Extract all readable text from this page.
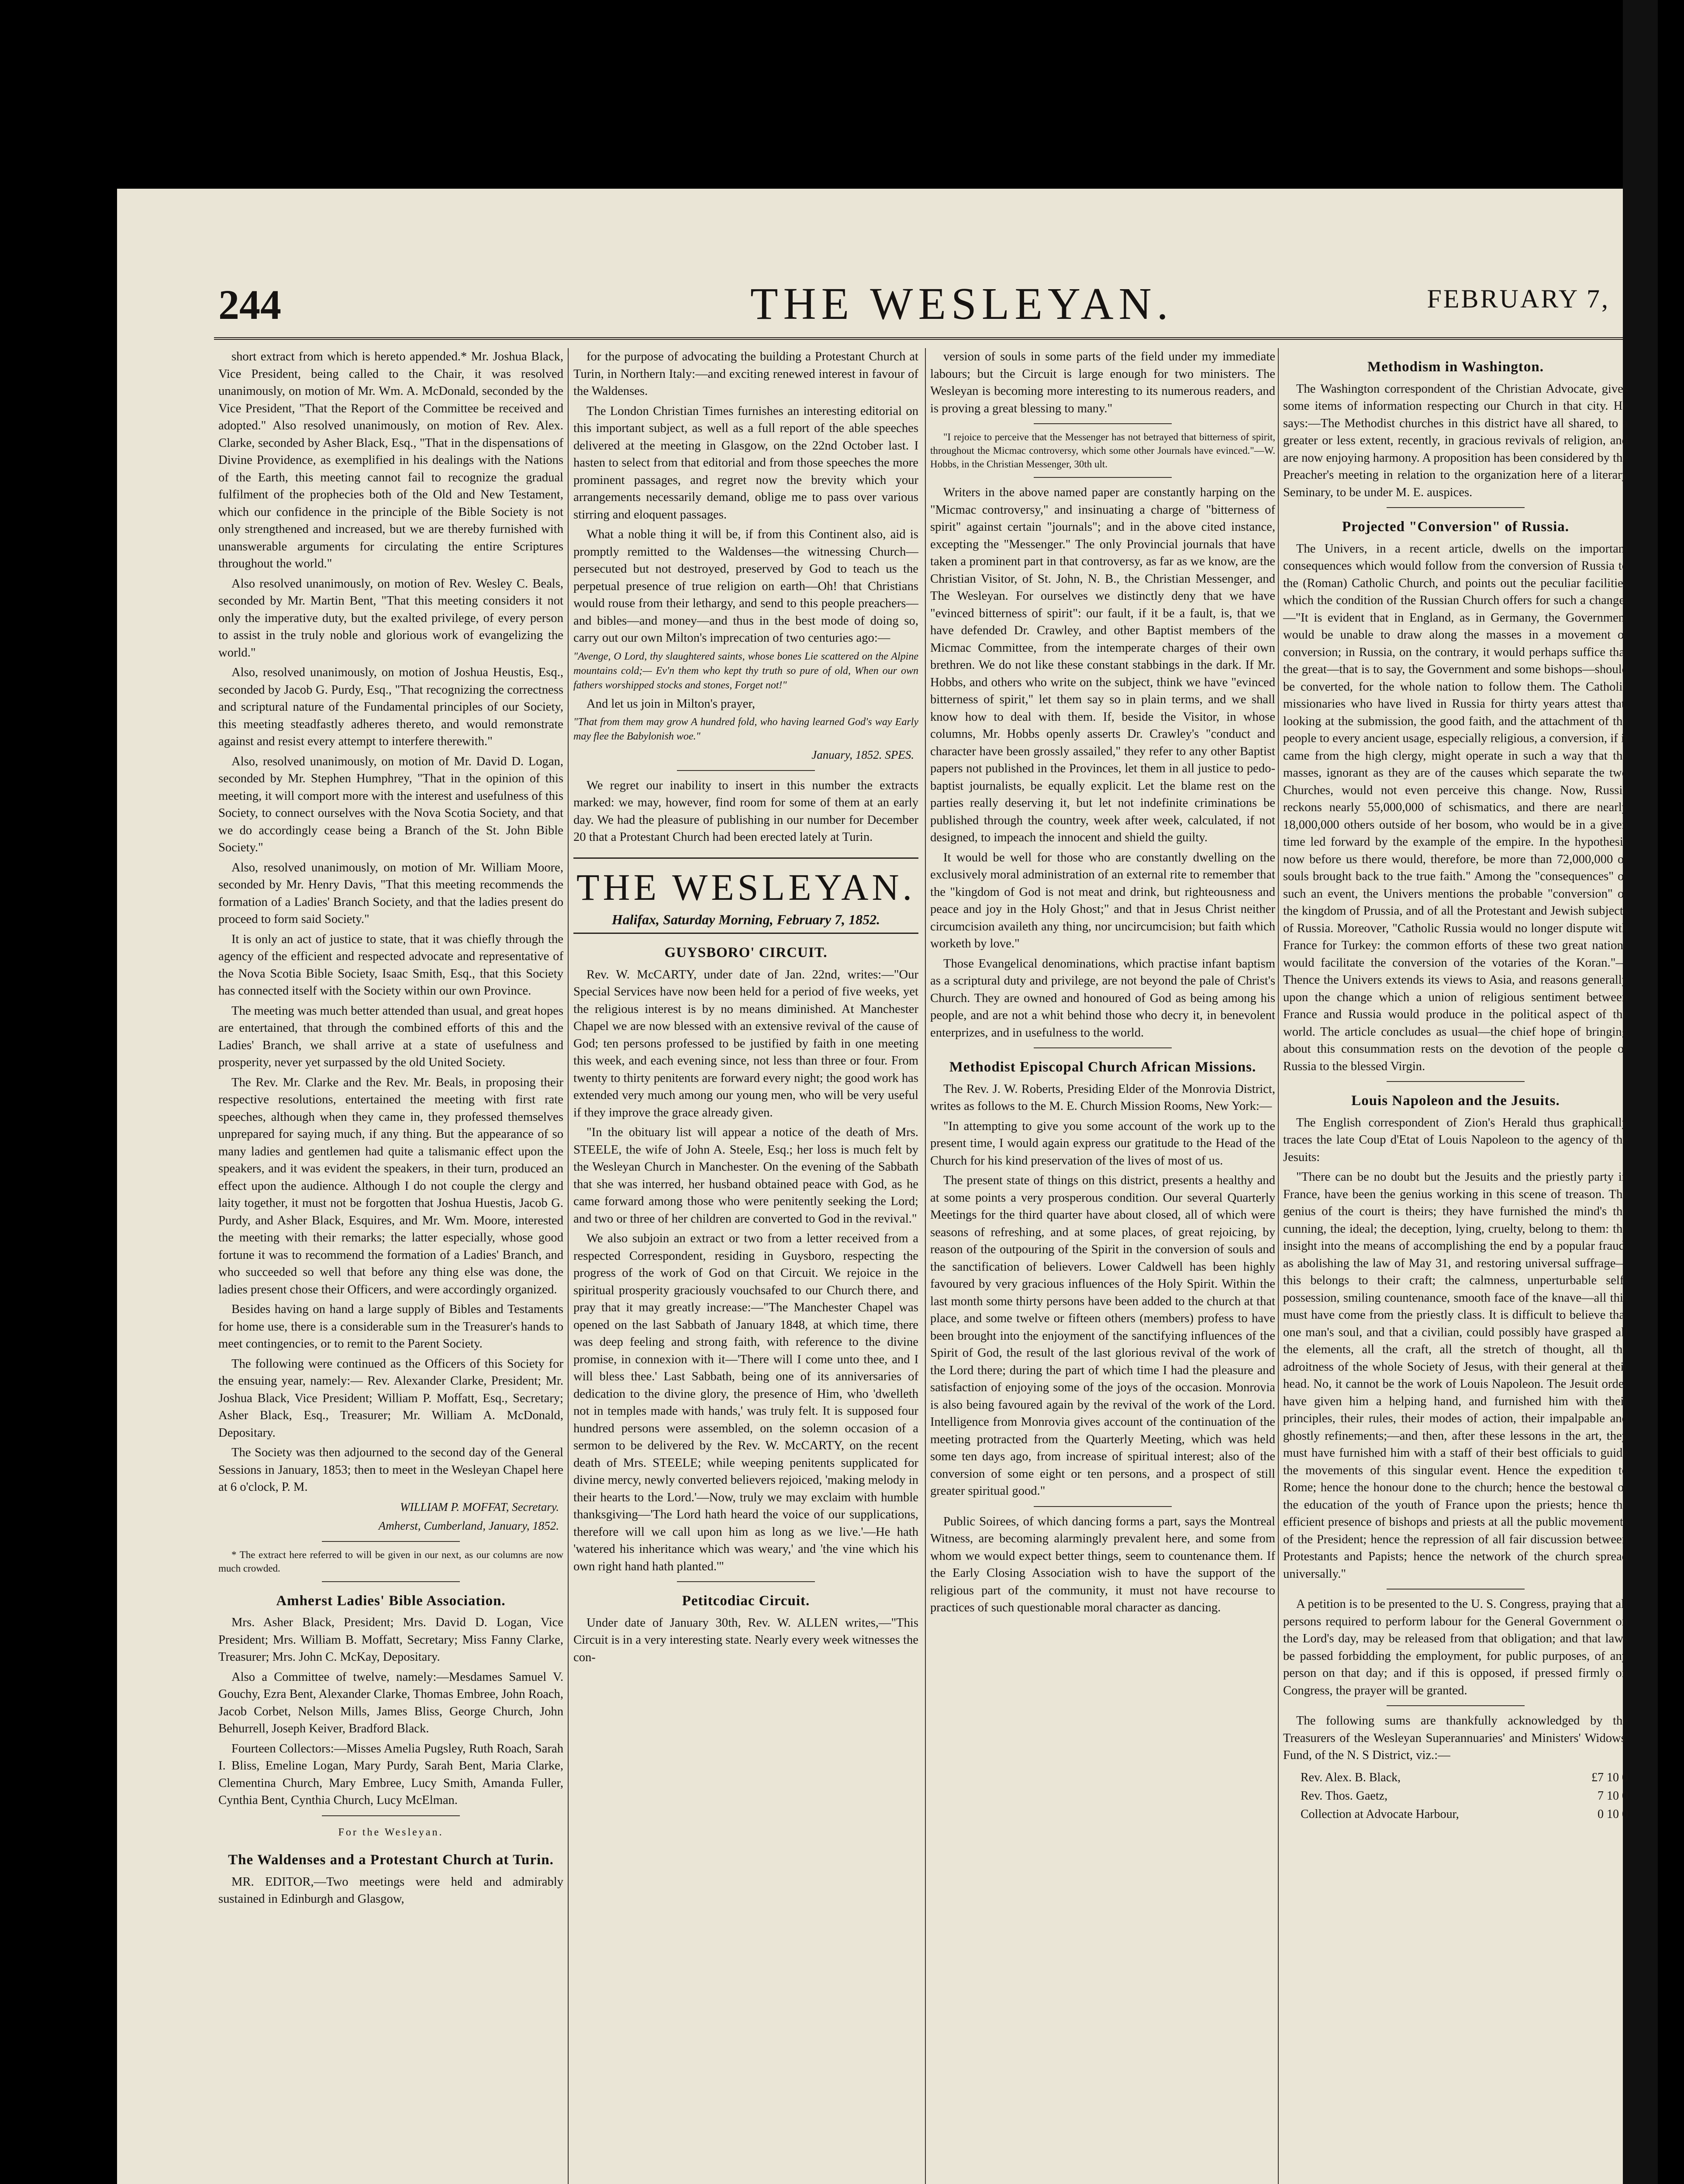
244	THE WESLEYAN.	FEBRUARY 7,

short extract from which is hereto appended.* Mr. Joshua Black, Vice President, being called to the Chair, it was resolved unanimously, on motion of Mr. Wm. A. McDonald, seconded by the Vice President, "That the Report of the Committee be received and adopted." Also resolved unanimously, on motion of Rev. Alex. Clarke, seconded by Asher Black, Esq., "That in the dispensations of Divine Providence, as exemplified in his dealings with the Nations of the Earth, this meeting cannot fail to recognize the gradual fulfilment of the prophecies both of the Old and New Testament, which our confidence in the principle of the Bible Society is not only strengthened and increased, but we are thereby furnished with unanswerable arguments for circulating the entire Scriptures throughout the world."

Also resolved unanimously, on motion of Rev. Wesley C. Beals, seconded by Mr. Martin Bent, "That this meeting considers it not only the imperative duty, but the exalted privilege, of every person to assist in the truly noble and glorious work of evangelizing the world."

Also, resolved unanimously, on motion of Joshua Heustis, Esq., seconded by Jacob G. Purdy, Esq., "That recognizing the correctness and scriptural nature of the Fundamental principles of our Society, this meeting steadfastly adheres thereto, and would remonstrate against and resist every attempt to interfere therewith."

Also, resolved unanimously, on motion of Mr. David D. Logan, seconded by Mr. Stephen Humphrey, "That in the opinion of this meeting, it will comport more with the interest and usefulness of this Society, to connect ourselves with the Nova Scotia Society, and that we do accordingly cease being a Branch of the St. John Bible Society."

Also, resolved unanimously, on motion of Mr. William Moore, seconded by Mr. Henry Davis, "That this meeting recommends the formation of a Ladies' Branch Society, and that the ladies present do proceed to form said Society."

It is only an act of justice to state, that it was chiefly through the agency of the efficient and respected advocate and representative of the Nova Scotia Bible Society, Isaac Smith, Esq., that this Society has connected itself with the Society within our own Province.

The meeting was much better attended than usual, and great hopes are entertained, that through the combined efforts of this and the Ladies' Branch, we shall arrive at a state of usefulness and prosperity, never yet surpassed by the old United Society.

The Rev. Mr. Clarke and the Rev. Mr. Beals, in proposing their respective resolutions, entertained the meeting with first rate speeches, although when they came in, they professed themselves unprepared for saying much, if any thing. But the appearance of so many ladies and gentlemen had quite a talismanic effect upon the speakers, and it was evident the speakers, in their turn, produced an effect upon the audience. Although I do not couple the clergy and laity together, it must not be forgotten that Joshua Huestis, Jacob G. Purdy, and Asher Black, Esquires, and Mr. Wm. Moore, interested the meeting with their remarks; the latter especially, whose good fortune it was to recommend the formation of a Ladies' Branch, and who succeeded so well that before any thing else was done, the ladies present chose their Officers, and were accordingly organized.

Besides having on hand a large supply of Bibles and Testaments for home use, there is a considerable sum in the Treasurer's hands to meet contingencies, or to remit to the Parent Society.

The following were continued as the Officers of this Society for the ensuing year, namely:— Rev. Alexander Clarke, President; Mr. Joshua Black, Vice President; William P. Moffatt, Esq., Secretary; Asher Black, Esq., Treasurer; Mr. William A. McDonald, Depositary.

The Society was then adjourned to the second day of the General Sessions in January, 1853; then to meet in the Wesleyan Chapel here at 6 o'clock, P. M.

WILLIAM P. MOFFAT, Secretary.
Amherst, Cumberland, January, 1852.

* The extract here referred to will be given in our next, as our columns are now much crowded.

Amherst Ladies' Bible Association.

Mrs. Asher Black, President; Mrs. David D. Logan, Vice President; Mrs. William B. Moffatt, Secretary; Miss Fanny Clarke, Treasurer; Mrs. John C. McKay, Depositary.

Also a Committee of twelve, namely:—Mesdames Samuel V. Gouchy, Ezra Bent, Alexander Clarke, Thomas Embree, John Roach, Jacob Corbet, Nelson Mills, James Bliss, George Church, John Behurrell, Joseph Keiver, Bradford Black.

Fourteen Collectors:—Misses Amelia Pugsley, Ruth Roach, Sarah I. Bliss, Emeline Logan, Mary Purdy, Sarah Bent, Maria Clarke, Clementina Church, Mary Embree, Lucy Smith, Amanda Fuller, Cynthia Bent, Cynthia Church, Lucy McElman.

For the Wesleyan.
The Waldenses and a Protestant Church at Turin.

MR. EDITOR,—Two meetings were held and admirably sustained in Edinburgh and Glasgow,

for the purpose of advocating the building a Protestant Church at Turin, in Northern Italy:—and exciting renewed interest in favour of the Waldenses.

The London Christian Times furnishes an interesting editorial on this important subject, as well as a full report of the able speeches delivered at the meeting in Glasgow, on the 22nd October last. I hasten to select from that editorial and from those speeches the more prominent passages, and regret now the brevity which your arrangements necessarily demand, oblige me to pass over various stirring and eloquent passages.

What a noble thing it will be, if from this Continent also, aid is promptly remitted to the Waldenses—the witnessing Church—persecuted but not destroyed, preserved by God to teach us the perpetual presence of true religion on earth—Oh! that Christians would rouse from their lethargy, and send to this people preachers—and bibles—and money—and thus in the best mode of doing so, carry out our own Milton's imprecation of two centuries ago:—

"Avenge, O Lord, thy slaughtered saints, whose bones Lie scattered on the Alpine mountains cold;— Ev'n them who kept thy truth so pure of old, When our own fathers worshipped stocks and stones, Forget not!"

And let us join in Milton's prayer,

"That from them may grow A hundred fold, who having learned God's way Early may flee the Babylonish woe."

January, 1852. SPES.

We regret our inability to insert in this number the extracts marked: we may, however, find room for some of them at an early day. We had the pleasure of publishing in our number for December 20 that a Protestant Church had been erected lately at Turin.

THE WESLEYAN.
Halifax, Saturday Morning, February 7, 1852.
GUYSBORO' CIRCUIT.

Rev. W. McCARTY, under date of Jan. 22nd, writes:—"Our Special Services have now been held for a period of five weeks, yet the religious interest is by no means diminished. At Manchester Chapel we are now blessed with an extensive revival of the cause of God; ten persons professed to be justified by faith in one meeting this week, and each evening since, not less than three or four. From twenty to thirty penitents are forward every night; the good work has extended very much among our young men, who will be very useful if they improve the grace already given.

"In the obituary list will appear a notice of the death of Mrs. STEELE, the wife of John A. Steele, Esq.; her loss is much felt by the Wesleyan Church in Manchester. On the evening of the Sabbath that she was interred, her husband obtained peace with God, as he came forward among those who were penitently seeking the Lord; and two or three of her children are converted to God in the revival."

We also subjoin an extract or two from a letter received from a respected Correspondent, residing in Guysboro, respecting the progress of the work of God on that Circuit. We rejoice in the spiritual prosperity graciously vouchsafed to our Church there, and pray that it may greatly increase:—"The Manchester Chapel was opened on the last Sabbath of January 1848, at which time, there was deep feeling and strong faith, with reference to the divine promise, in connexion with it—'There will I come unto thee, and I will bless thee.' Last Sabbath, being one of its anniversaries of dedication to the divine glory, the presence of Him, who 'dwelleth not in temples made with hands,' was truly felt. It is supposed four hundred persons were assembled, on the solemn occasion of a sermon to be delivered by the Rev. W. McCARTY, on the recent death of Mrs. STEELE; while weeping penitents supplicated for divine mercy, newly converted believers rejoiced, 'making melody in their hearts to the Lord.'—Now, truly we may exclaim with humble thanksgiving—'The Lord hath heard the voice of our supplications, therefore will we call upon him as long as we live.'—He hath 'watered his inheritance which was weary,' and 'the vine which his own right hand hath planted.'"

Petitcodiac Circuit.

Under date of January 30th, Rev. W. ALLEN writes,—"This Circuit is in a very interesting state. Nearly every week witnesses the con-

version of souls in some parts of the field under my immediate labours; but the Circuit is large enough for two ministers. The Wesleyan is becoming more interesting to its numerous readers, and is proving a great blessing to many."

"I rejoice to perceive that the Messenger has not betrayed that bitterness of spirit, throughout the Micmac controversy, which some other Journals have evinced."—W. Hobbs, in the Christian Messenger, 30th ult.

Writers in the above named paper are constantly harping on the "Micmac controversy," and insinuating a charge of "bitterness of spirit" against certain "journals"; and in the above cited instance, excepting the "Messenger." The only Provincial journals that have taken a prominent part in that controversy, as far as we know, are the Christian Visitor, of St. John, N. B., the Christian Messenger, and The Wesleyan. For ourselves we distinctly deny that we have "evinced bitterness of spirit": our fault, if it be a fault, is, that we have defended Dr. Crawley, and other Baptist members of the Micmac Committee, from the intemperate charges of their own brethren. We do not like these constant stabbings in the dark. If Mr. Hobbs, and others who write on the subject, think we have "evinced bitterness of spirit," let them say so in plain terms, and we shall know how to deal with them. If, beside the Visitor, in whose columns, Mr. Hobbs openly asserts Dr. Crawley's "conduct and character have been grossly assailed," they refer to any other Baptist papers not published in the Provinces, let them in all justice to pedo-baptist journalists, be equally explicit. Let the blame rest on the parties really deserving it, but let not indefinite criminations be published through the country, week after week, calculated, if not designed, to impeach the innocent and shield the guilty.

It would be well for those who are constantly dwelling on the exclusively moral administration of an external rite to remember that the "kingdom of God is not meat and drink, but righteousness and peace and joy in the Holy Ghost;" and that in Jesus Christ neither circumcision availeth any thing, nor uncircumcision; but faith which worketh by love."

Those Evangelical denominations, which practise infant baptism as a scriptural duty and privilege, are not beyond the pale of Christ's Church. They are owned and honoured of God as being among his people, and are not a whit behind those who decry it, in benevolent enterprizes, and in usefulness to the world.

Methodist Episcopal Church African Missions.

The Rev. J. W. Roberts, Presiding Elder of the Monrovia District, writes as follows to the M. E. Church Mission Rooms, New York:—

"In attempting to give you some account of the work up to the present time, I would again express our gratitude to the Head of the Church for his kind preservation of the lives of most of us.

The present state of things on this district, presents a healthy and at some points a very prosperous condition. Our several Quarterly Meetings for the third quarter have about closed, all of which were seasons of refreshing, and at some places, of great rejoicing, by reason of the outpouring of the Spirit in the conversion of souls and the sanctification of believers. Lower Caldwell has been highly favoured by very gracious influences of the Holy Spirit. Within the last month some thirty persons have been added to the church at that place, and some twelve or fifteen others (members) profess to have been brought into the enjoyment of the sanctifying influences of the Spirit of God, the result of the last glorious revival of the work of the Lord there; during the part of which time I had the pleasure and satisfaction of enjoying some of the joys of the occasion. Monrovia is also being favoured again by the revival of the work of the Lord. Intelligence from Monrovia gives account of the continuation of the meeting protracted from the Quarterly Meeting, which was held some ten days ago, from increase of spiritual interest; also of the conversion of some eight or ten persons, and a prospect of still greater spiritual good."

Public Soirees, of which dancing forms a part, says the Montreal Witness, are becoming alarmingly prevalent here, and some from whom we would expect better things, seem to countenance them. If the Early Closing Association wish to have the support of the religious part of the community, it must not have recourse to practices of such questionable moral character as dancing.

Methodism in Washington.

The Washington correspondent of the Christian Advocate, gives some items of information respecting our Church in that city. He says:—The Methodist churches in this district have all shared, to a greater or less extent, recently, in gracious revivals of religion, and are now enjoying harmony. A proposition has been considered by the Preacher's meeting in relation to the organization here of a literary Seminary, to be under M. E. auspices.

Projected "Conversion" of Russia.

The Univers, in a recent article, dwells on the important consequences which would follow from the conversion of Russia to the (Roman) Catholic Church, and points out the peculiar facilities which the condition of the Russian Church offers for such a change:—"It is evident that in England, as in Germany, the Government would be unable to draw along the masses in a movement of conversion; in Russia, on the contrary, it would perhaps suffice that the great—that is to say, the Government and some bishops—should be converted, for the whole nation to follow them. The Catholic missionaries who have lived in Russia for thirty years attest that, looking at the submission, the good faith, and the attachment of the people to every ancient usage, especially religious, a conversion, if it came from the high clergy, might operate in such a way that the masses, ignorant as they are of the causes which separate the two Churches, would not even perceive this change. Now, Russia reckons nearly 55,000,000 of schismatics, and there are nearly 18,000,000 others outside of her bosom, who would be in a given time led forward by the example of the empire. In the hypothesis now before us there would, therefore, be more than 72,000,000 of souls brought back to the true faith." Among the "consequences" of such an event, the Univers mentions the probable "conversion" of the kingdom of Prussia, and of all the Protestant and Jewish subjects of Russia. Moreover, "Catholic Russia would no longer dispute with France for Turkey: the common efforts of these two great nations would facilitate the conversion of the votaries of the Koran."—Thence the Univers extends its views to Asia, and reasons generally upon the change which a union of religious sentiment between France and Russia would produce in the political aspect of the world. The article concludes as usual—the chief hope of bringing about this consummation rests on the devotion of the people of Russia to the blessed Virgin.

Louis Napoleon and the Jesuits.

The English correspondent of Zion's Herald thus graphically traces the late Coup d'Etat of Louis Napoleon to the agency of the Jesuits:

"There can be no doubt but the Jesuits and the priestly party in France, have been the genius working in this scene of treason. The genius of the court is theirs; they have furnished the mind's the cunning, the ideal; the deception, lying, cruelty, belong to them: the insight into the means of accomplishing the end by a popular fraud, as abolishing the law of May 31, and restoring universal suffrage—this belongs to their craft; the calmness, unperturbable self-possession, smiling countenance, smooth face of the knave—all this must have come from the priestly class. It is difficult to believe that one man's soul, and that a civilian, could possibly have grasped all the elements, all the craft, all the stretch of thought, all the adroitness of the whole Society of Jesus, with their general at their head. No, it cannot be the work of Louis Napoleon. The Jesuit order have given him a helping hand, and furnished him with their principles, their rules, their modes of action, their impalpable and ghostly refinements;—and then, after these lessons in the art, they must have furnished him with a staff of their best officials to guide the movements of this singular event. Hence the expedition to Rome; hence the honour done to the church; hence the bestowal of the education of the youth of France upon the priests; hence the efficient presence of bishops and priests at all the public movements of the President; hence the repression of all fair discussion between Protestants and Papists; hence the network of the church spread universally."

A petition is to be presented to the U. S. Congress, praying that all persons required to perform labour for the General Government on the Lord's day, may be released from that obligation; and that laws be passed forbidding the employment, for public purposes, of any person on that day; and if this is opposed, if pressed firmly on Congress, the prayer will be granted.

The following sums are thankfully acknowledged by the Treasurers of the Wesleyan Superannuaries' and Ministers' Widows' Fund, of the N. S District, viz.:—

Rev. Alex. B. Black,	£7 10 0
Rev. Thos. Gaetz,	7 10 0
Collection at Advocate Harbour,	0 10 0
